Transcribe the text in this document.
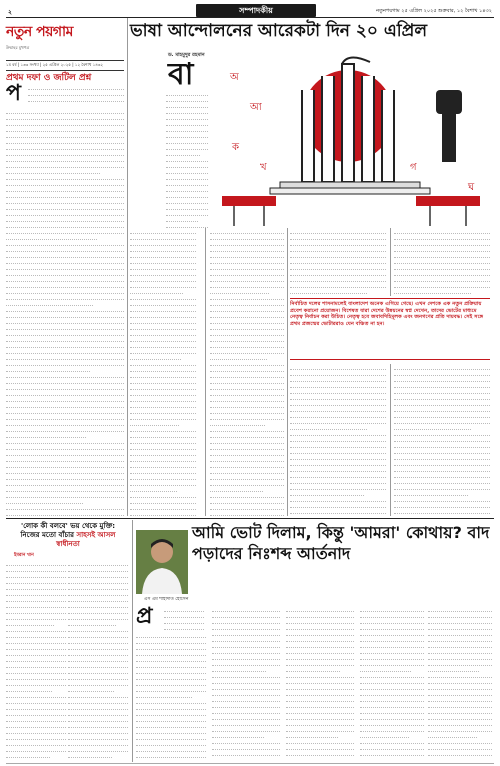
২	সম্পাদকীয়	নতুনপয়গাম ২৫ এপ্রিল ২০২৫ শুক্রবার, ১২ বৈশাখ ১৪৩২
নতুন পয়গাম
উম্মাহর মুখপত্র
১ম বর্ষ | ১৩৩ সংখ্যা | ২৫ এপ্রিল ২০২৫ | ১২ বৈশাখ ১৪৩২
প্রথম দফা ও জটিল প্রশ্ন
প
ভাষা আন্দোলনের আরেকটা দিন ২০ এপ্রিল
ড. মাহমুদুর রহমান
বা	অ
আ
ক
খ	গ
ঘ
নির্বাচিত দলের শাসনামলেই বাংলাদেশ অনেক এগিয়ে গেছে। এখন দেশকে এক নতুন প্রক্রিয়ায় প্রবেশ করানো প্রয়োজন। বিশেষত যারা দেশের উন্নয়নের স্বপ্ন দেখেন, তাদের ভোটের মাধ্যমে নেতৃত্ব নির্বাচন করা উচিত। নেতৃত্ব হবে জবাবদিহিমূলক এবং জনগণের প্রতি দায়বদ্ধ। সেই সঙ্গে প্রথম প্রজন্মের ভোটাররাও যেন বঞ্চিত না হন।
'লোক কী বলবে' ভয় থেকে মুক্তি: নিজের মতো বাঁচার সাহসই আসল স্বাধীনতা
ইমরান খান
এস এম শাহাদাত হোসেন
আমি ভোট দিলাম, কিন্তু 'আমরা' কোথায়? বাদ পড়াদের নিঃশব্দ আর্তনাদ
প্র
